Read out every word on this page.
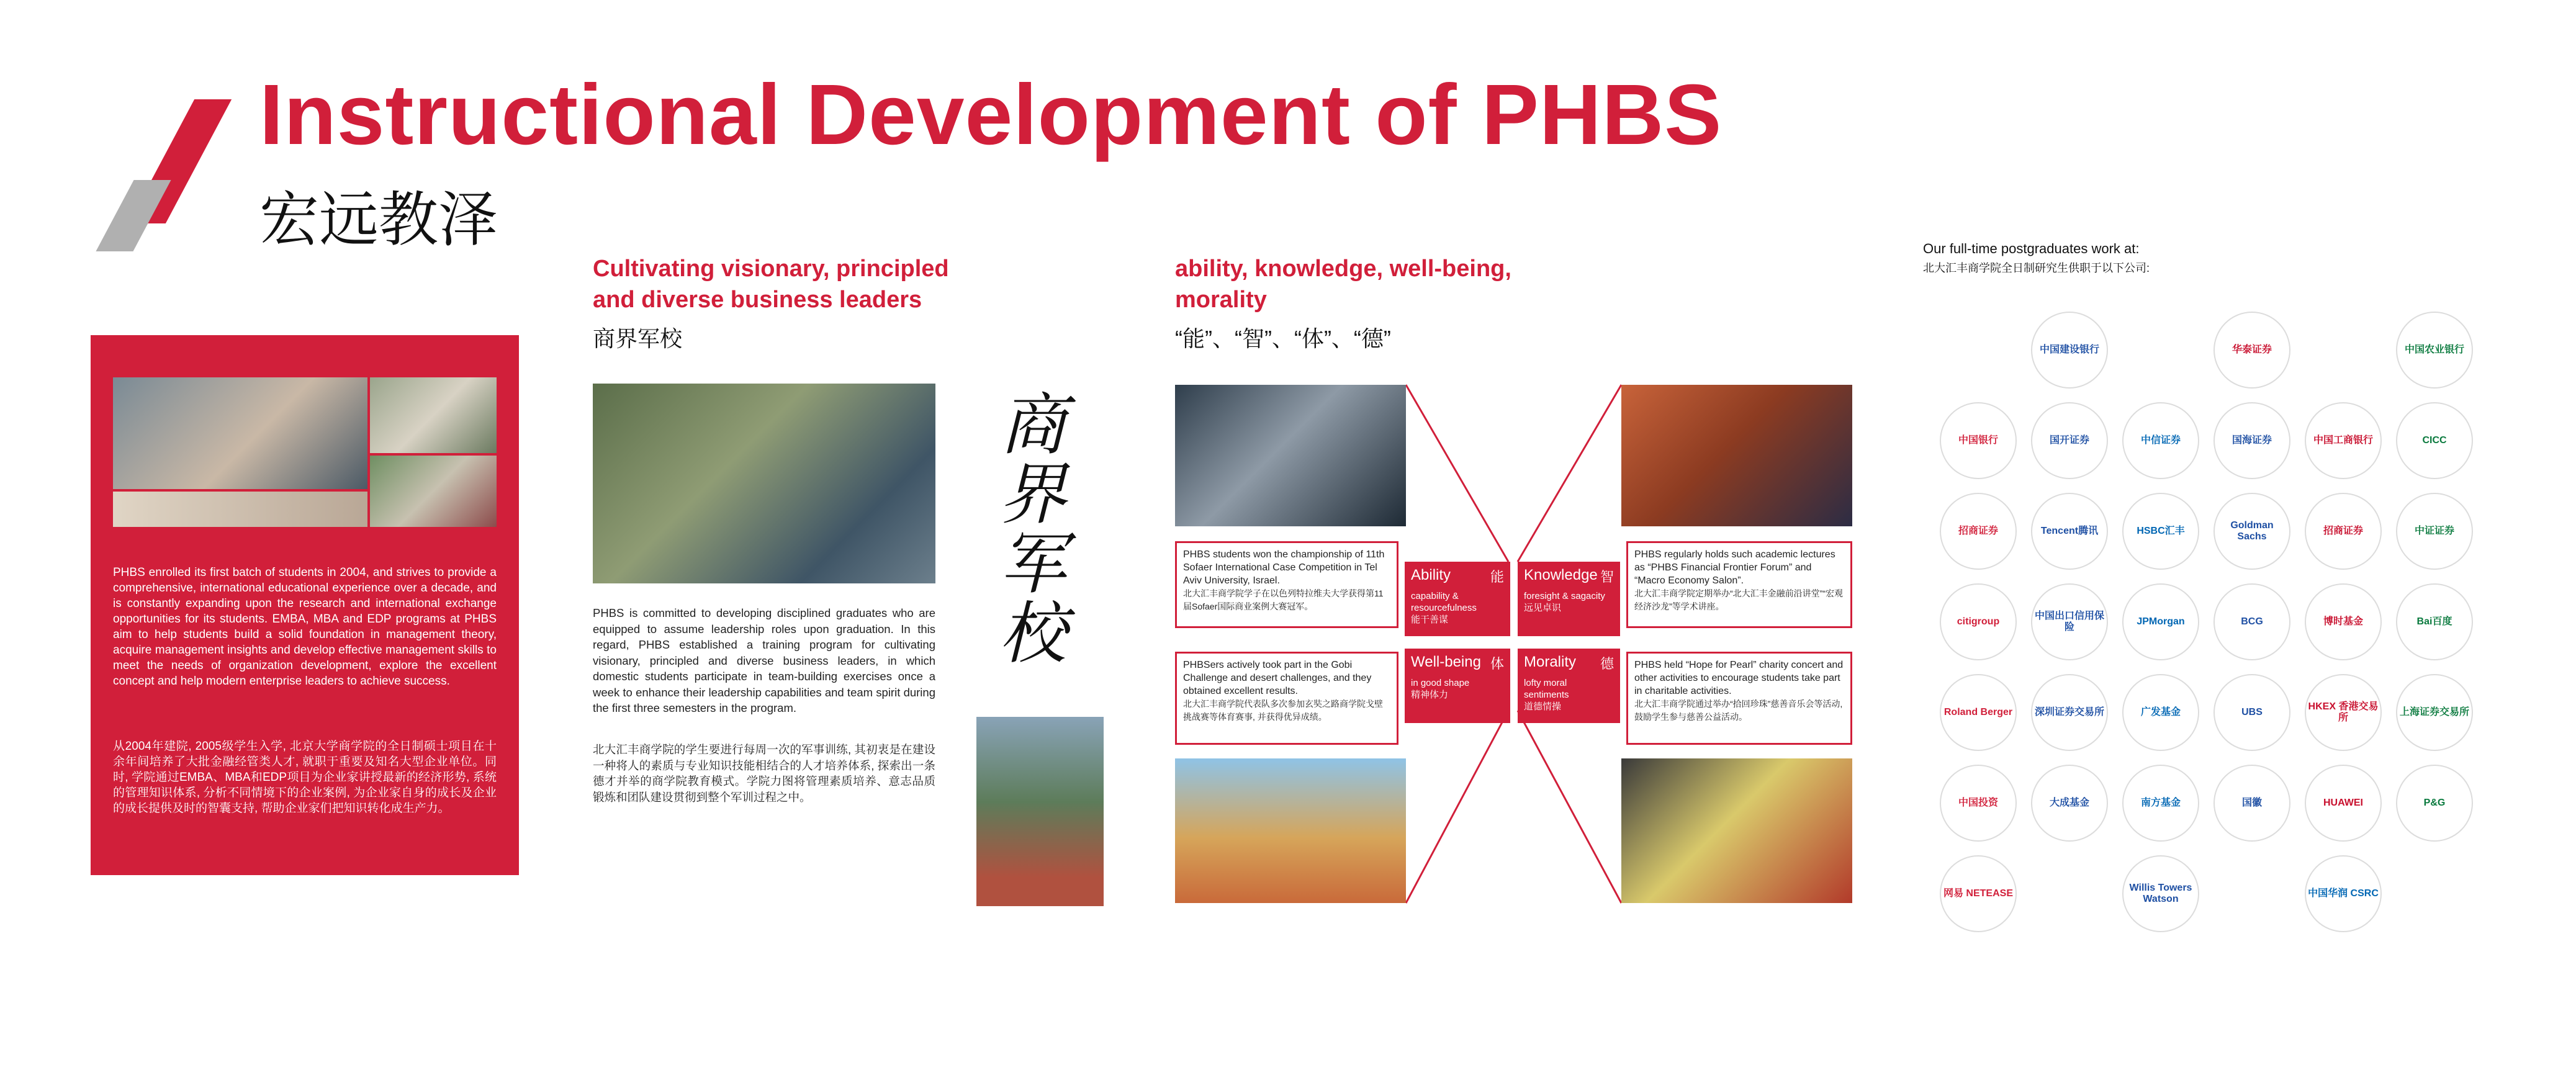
Instructional Development of PHBS
宏远教泽
PHBS enrolled its first batch of students in 2004, and strives to provide a comprehensive, international educational experience over a decade, and is constantly expanding upon the research and international exchange opportunities for its students. EMBA, MBA and EDP programs at PHBS aim to help students build a solid foundation in management theory, acquire management insights and develop effective management skills to meet the needs of organization development, explore the excellent concept and help modern enterprise leaders to achieve success.
从2004年建院, 2005级学生入学, 北京大学商学院的全日制硕士项目在十余年间培养了大批金融经管类人才, 就职于重要及知名大型企业单位。同时, 学院通过EMBA、MBA和EDP项目为企业家讲授最新的经济形势, 系统的管理知识体系, 分析不同情境下的企业案例, 为企业家自身的成长及企业的成长提供及时的智囊支持, 帮助企业家们把知识转化成生产力。
Cultivating visionary, principled and diverse business leaders
商界军校
PHBS is committed to developing disciplined graduates who are equipped to assume leadership roles upon graduation. In this regard, PHBS established a training program for cultivating visionary, principled and diverse business leaders, in which domestic students participate in team-building exercises once a week to enhance their leadership capabilities and team spirit during the first three semesters in the program.
北大汇丰商学院的学生要进行每周一次的军事训练, 其初衷是在建设一种将人的素质与专业知识技能相结合的人才培养体系, 探索出一条德才并举的商学院教育模式。学院力图将管理素质培养、意志品质锻炼和团队建设贯彻到整个军训过程之中。
商界军校
ability, knowledge, well-being, morality
“能”、“智”、“体”、“德”
PHBS students won the championship of 11th Sofaer International Case Competition in Tel Aviv University, Israel.
北大汇丰商学院学子在以色列特拉维夫大学获得第11届Sofaer国际商业案例大赛冠军。
Ability	能
capability & resourcefulness
能干善谋
PHBSers actively took part in the Gobi Challenge and desert challenges, and they obtained excellent results.
北大汇丰商学院代表队多次参加玄奘之路商学院戈壁挑战赛等体育赛事, 并获得优异成绩。
Well-being 体
in good shape
精神体力
Knowledge 智
foresight & sagacity
远见卓识
PHBS regularly holds such academic lectures as “PHBS Financial Frontier Forum” and “Macro Economy Salon”.
北大汇丰商学院定期举办“北大汇丰金融前沿讲堂”“宏观经济沙龙”等学术讲座。
Morality	德
lofty moral sentiments
道德情操
PHBS held “Hope for Pearl” charity concert and other activities to encourage students take part in charitable activities.
北大汇丰商学院通过举办“拾回珍珠”慈善音乐会等活动, 鼓励学生参与慈善公益活动。
Our full-time postgraduates work at:
北大汇丰商学院全日制研究生供职于以下公司:
中国建设银行	华泰证券	中国农业银行
中国银行	国开证券	中信证券	国海证券	中国工商银行	CICC
招商证券	Tencent腾讯	HSBC汇丰
Goldman Sachs
招商证券	中证证券
citigroup
中国出口信用保险
JPMorgan	BCG	博时基金	Bai百度
Roland Berger	深圳证券交易所	广发基金	UBS
HKEX 香港交易所
上海证券交易所
中国投资	大成基金	南方基金	国徽	HUAWEI	P&G
网易 NETEASE
Willis Towers Watson
中国华润 CSRC
